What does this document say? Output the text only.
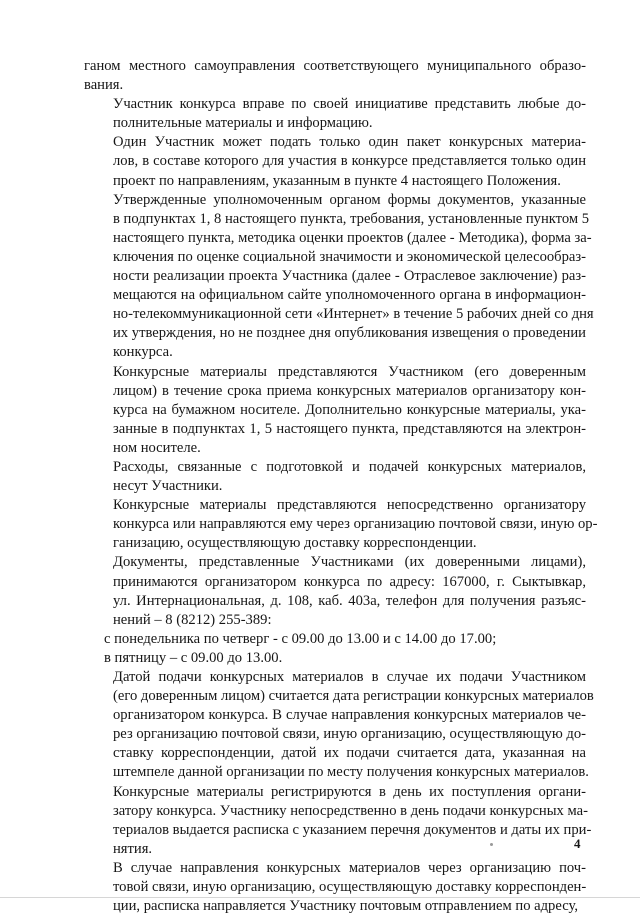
ганом местного самоуправления соответствующего муниципального образо-
вания.

Участник конкурса вправе по своей инициативе представить любые до-
полнительные материалы и информацию.

Один Участник может подать только один пакет конкурсных материа-
лов, в составе которого для участия в конкурсе представляется только один
проект по направлениям, указанным в пункте 4 настоящего Положения.

Утвержденные уполномоченным органом формы документов, указанные
в подпунктах 1, 8 настоящего пункта, требования, установленные пунктом 5
настоящего пункта, методика оценки проектов (далее - Методика), форма за-
ключения по оценке социальной значимости и экономической целесообраз-
ности реализации проекта Участника (далее - Отраслевое заключение) раз-
мещаются на официальном сайте уполномоченного органа в информацион-
но-телекоммуникационной сети «Интернет» в течение 5 рабочих дней со дня
их утверждения, но не позднее дня опубликования извещения о проведении
конкурса.

Конкурсные материалы представляются Участником (его доверенным
лицом) в течение срока приема конкурсных материалов организатору кон-
курса на бумажном носителе. Дополнительно конкурсные материалы, ука-
занные в подпунктах 1, 5 настоящего пункта, представляются на электрон-
ном носителе.

Расходы, связанные с подготовкой и подачей конкурсных материалов,
несут Участники.

Конкурсные материалы представляются непосредственно организатору
конкурса или направляются ему через организацию почтовой связи, иную ор-
ганизацию, осуществляющую доставку корреспонденции.

Документы, представленные Участниками (их доверенными лицами),
принимаются организатором конкурса по адресу: 167000, г. Сыктывкар,
ул. Интернациональная, д. 108, каб. 403а, телефон для получения разъяс-
нений – 8 (8212) 255-389:

с понедельника по четверг - с 09.00 до 13.00 и с 14.00 до 17.00;

в пятницу – с 09.00 до 13.00.

Датой подачи конкурсных материалов в случае их подачи Участником
(его доверенным лицом) считается дата регистрации конкурсных материалов
организатором конкурса. В случае направления конкурсных материалов че-
рез организацию почтовой связи, иную организацию, осуществляющую до-
ставку корреспонденции, датой их подачи считается дата, указанная на
штемпеле данной организации по месту получения конкурсных материалов.

Конкурсные материалы регистрируются в день их поступления органи-
затору конкурса. Участнику непосредственно в день подачи конкурсных ма-
териалов выдается расписка с указанием перечня документов и даты их при-
нятия.

В случае направления конкурсных материалов через организацию поч-
товой связи, иную организацию, осуществляющую доставку корреспонден-
ции, расписка направляется Участнику почтовым отправлением по адресу,

4
